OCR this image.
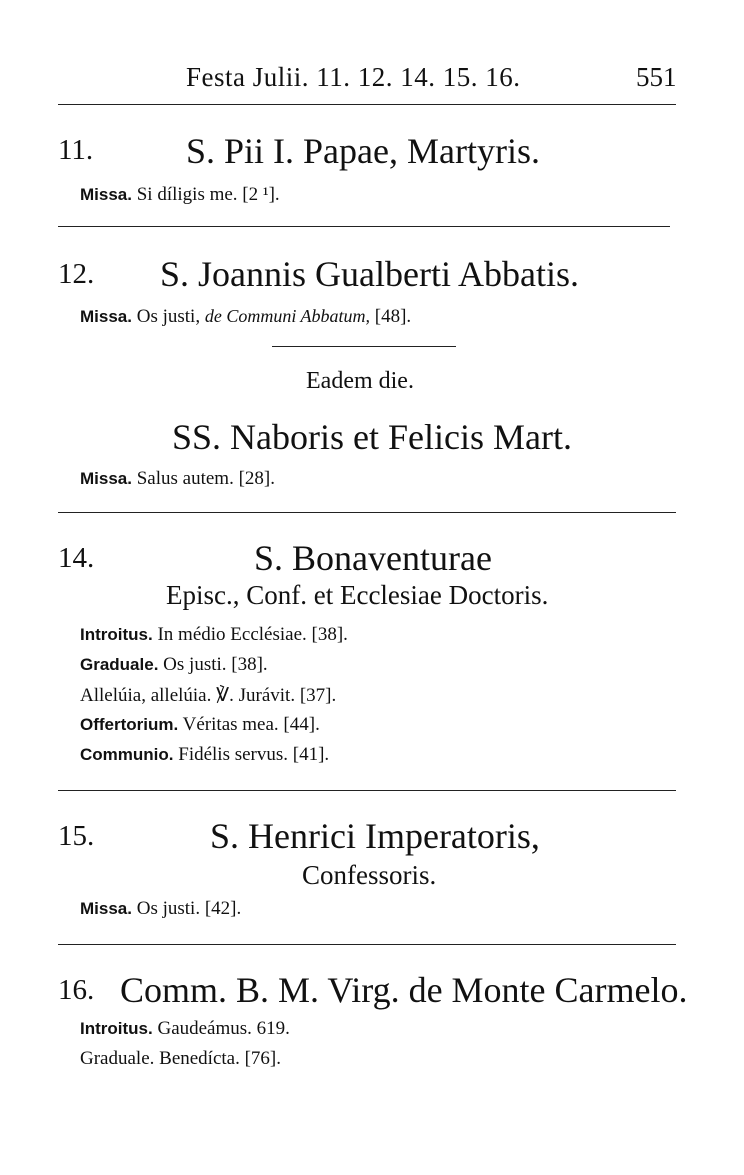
Festa Julii. 11. 12. 14. 15. 16.	551
11.	S. Pii I. Papae, Martyris.
Missa. Si díligis me. [2 ¹].
12. S. Joannis Gualberti Abbatis.
Missa. Os justi, de Communi Abbatum, [48].
Eadem die.
SS. Naboris et Felicis Mart.
Missa. Salus autem. [28].
14.	S. Bonaventurae
Episc., Conf. et Ecclesiae Doctoris.
Introitus. In médio Ecclésiae. [38].
Graduale. Os justi. [38].
Allelúia, allelúia. ℣. Jurávit. [37].
Offertorium. Véritas mea. [44].
Communio. Fidélis servus. [41].
15.	S. Henrici Imperatoris,
Confessoris.
Missa. Os justi. [42].
16. Comm. B. M. Virg. de Monte Carmelo.
Introitus. Gaudeámus. 619.
Graduale. Benedícta. [76].
